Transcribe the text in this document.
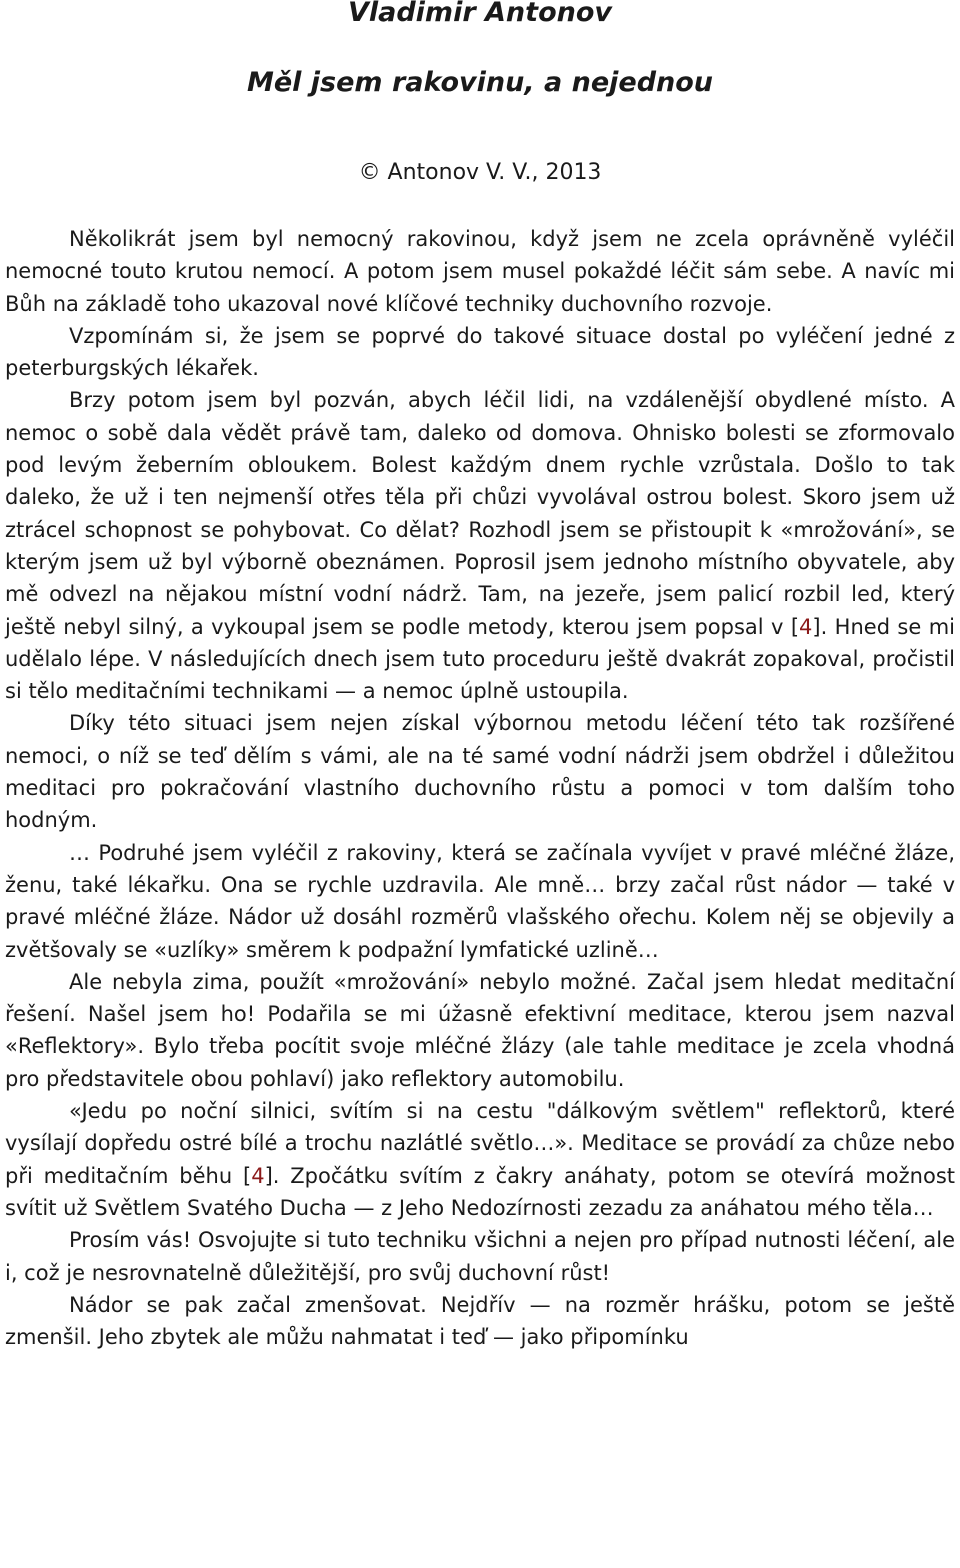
Vladimir Antonov
Měl jsem rakovinu, a nejednou
© Antonov V. V., 2013

Několikrát jsem byl nemocný rakovinou, když jsem ne zcela oprávněně vyléčil nemocné touto krutou nemocí. A potom jsem musel pokaždé léčit sám sebe. A navíc mi Bůh na základě toho ukazoval nové klíčové techniky duchovního rozvoje.

Vzpomínám si, že jsem se poprvé do takové situace dostal po vyléčení jedné z peterburgských lékařek.

Brzy potom jsem byl pozván, abych léčil lidi, na vzdálenější obydlené místo. A nemoc o sobě dala vědět právě tam, daleko od domova. Ohnisko bolesti se zformovalo pod levým žeberním obloukem. Bolest každým dnem rychle vzrůstala. Došlo to tak daleko, že už i ten nejmenší otřes těla při chůzi vyvolával ostrou bolest. Skoro jsem už ztrácel schopnost se pohybovat. Co dělat? Rozhodl jsem se přistoupit k «mrožování», se kterým jsem už byl výborně obeznámen. Poprosil jsem jednoho místního obyvatele, aby mě odvezl na nějakou místní vodní nádrž. Tam, na jezeře, jsem palicí rozbil led, který ještě nebyl silný, a vykoupal jsem se podle metody, kterou jsem popsal v [4]. Hned se mi udělalo lépe. V následujících dnech jsem tuto proceduru ještě dvakrát zopakoval, pročistil si tělo meditačními technikami — a nemoc úplně ustoupila.

Díky této situaci jsem nejen získal výbornou metodu léčení této tak rozšířené nemoci, o níž se teď dělím s vámi, ale na té samé vodní nádrži jsem obdržel i důležitou meditaci pro pokračování vlastního duchovního růstu a pomoci v tom dalším toho hodným.

… Podruhé jsem vyléčil z rakoviny, která se začínala vyvíjet v pravé mléčné žláze, ženu, také lékařku. Ona se rychle uzdravila. Ale mně… brzy začal růst nádor — také v pravé mléčné žláze. Nádor už dosáhl rozměrů vlašského ořechu. Kolem něj se objevily a zvětšovaly se «uzlíky» směrem k podpažní lymfatické uzlině…

Ale nebyla zima, použít «mrožování» nebylo možné. Začal jsem hledat meditační řešení. Našel jsem ho! Podařila se mi úžasně efektivní meditace, kterou jsem nazval «Reflektory». Bylo třeba pocítit svoje mléčné žlázy (ale tahle meditace je zcela vhodná pro představitele obou pohlaví) jako reflektory automobilu.

«Jedu po noční silnici, svítím si na cestu "dálkovým světlem" reflektorů, které vysílají dopředu ostré bílé a trochu nazlátlé světlo…». Meditace se provádí za chůze nebo při meditačním běhu [4]. Zpočátku svítím z čakry anáhaty, potom se otevírá možnost svítit už Světlem Svatého Ducha — z Jeho Nedozírnosti zezadu za anáhatou mého těla…

Prosím vás! Osvojujte si tuto techniku všichni a nejen pro případ nutnosti léčení, ale i, což je nesrovnatelně důležitější, pro svůj duchovní růst!

Nádor se pak začal zmenšovat. Nejdřív — na rozměr hrášku, potom se ještě zmenšil. Jeho zbytek ale můžu nahmatat i teď — jako připomínku
